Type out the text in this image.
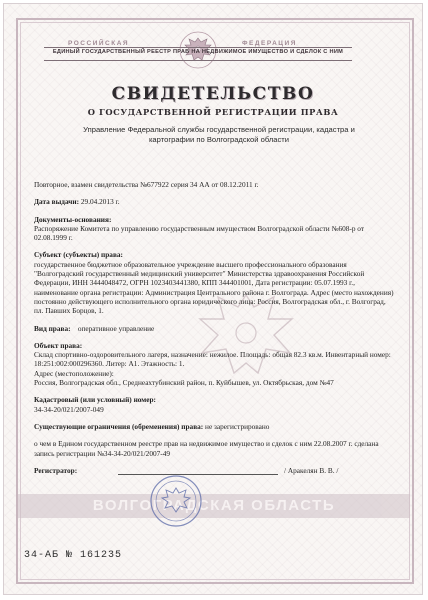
РОССИЙСКАЯ	ФЕДЕРАЦИЯ
ЕДИНЫЙ ГОСУДАРСТВЕННЫЙ РЕЕСТР ПРАВ НА НЕДВИЖИМОЕ ИМУЩЕСТВО И СДЕЛОК С НИМ
СВИДЕТЕЛЬСТВО
О ГОСУДАРСТВЕННОЙ РЕГИСТРАЦИИ ПРАВА
Управление Федеральной службы государственной регистрации, кадастра и картографии по Волгоградской области

Повторное, взамен свидетельства №677922 серия 34 АА от 08.12.2011 г.

Дата выдачи: 29.04.2013 г.

Документы-основания:

Распоряжение Комитета по управлению государственным имуществом Волгоградской области №608-р от 02.08.1999 г.

Субъект (субъекты) права:

государственное бюджетное образовательное учреждение высшего профессионального образования "Волгоградский государственный медицинский университет" Министерства здравоохранения Российской Федерации, ИНН 3444048472, ОГРН 1023403441380, КПП 344401001, Дата регистрации: 05.07.1993 г., наименование органа регистрации: Администрация Центрального района г. Волгограда. Адрес (место нахождения) постоянно действующего исполнительного органа юридического лица: Россия, Волгоградская обл., г. Волгоград, пл. Павших Борцов, 1.

Вид права: оперативное управление

Объект права:

Склад спортивно-оздоровительного лагеря, назначение: нежилое. Площадь: общая 82.3 кв.м. Инвентарный номер: 18:251:002:000296360. Литер: А1. Этажность: 1.

Адрес (местоположение):

Россия, Волгоградская обл., Среднеахтубинский район, п. Куйбышев, ул. Октябрьская, дом №47

Кадастровый (или условный) номер:

34-34-20/021/2007-049

Существующие ограничения (обременения) права: не зарегистрировано

о чем в Едином государственном реестре прав на недвижимое имущество и сделок с ним 22.08.2007 г. сделана запись регистрации №34-34-20/021/2007-49

Регистратор:	/ Аракелян В. В. /
ВОЛГОГРАДСКАЯ ОБЛАСТЬ
34-АБ № 161235
